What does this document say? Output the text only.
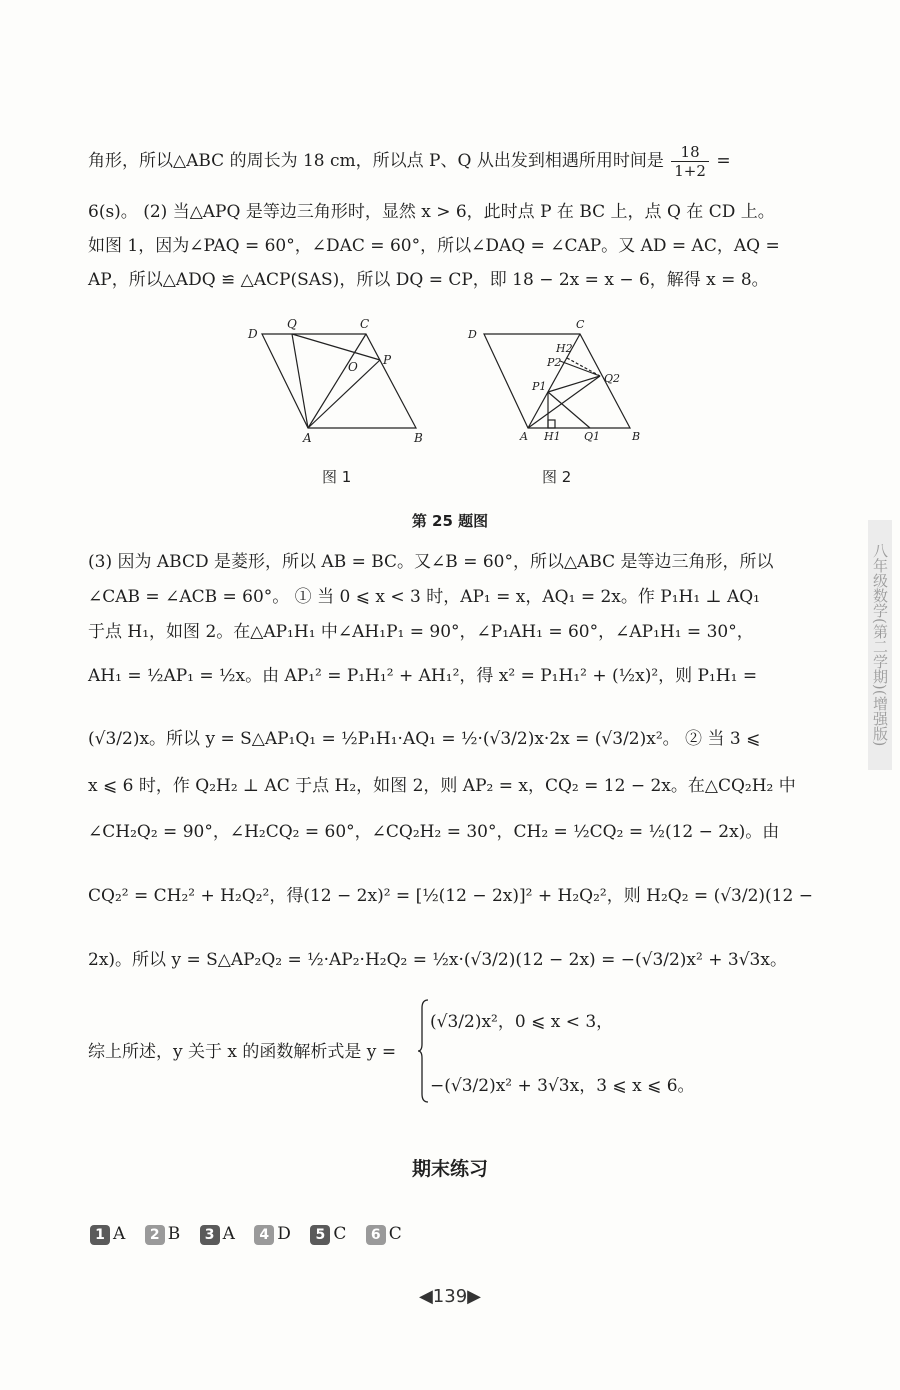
角形，所以△ABC 的周长为 18 cm，所以点 P、Q 从出发到相遇所用时间是 $\frac{18}{1+2}$ =
6(s)。 (2) 当△APQ 是等边三角形时，显然 x > 6，此时点 P 在 BC 上，点 Q 在 CD 上。
如图 1，因为∠PAQ = 60°，∠DAC = 60°，所以∠DAQ = ∠CAP。又 AD = AC，AQ =
AP，所以△ADQ ≌ △ACP(SAS)，所以 DQ = CP，即 18 − 2x = x − 6，解得 x = 8。
D
Q	C
P
O
A	B
图 1
D
C
H2
P2
Q2
P1
A H1 Q1	B
图 2
第 25 题图
(3) 因为 ABCD 是菱形，所以 AB = BC。又∠B = 60°，所以△ABC 是等边三角形，所以
∠CAB = ∠ACB = 60°。 ① 当 0 ⩽ x < 3 时，AP₁ = x，AQ₁ = 2x。作 P₁H₁ ⊥ AQ₁
于点 H₁，如图 2。在△AP₁H₁ 中∠AH₁P₁ = 90°，∠P₁AH₁ = 60°，∠AP₁H₁ = 30°，
AH₁ = ½AP₁ = ½x。由 AP₁² = P₁H₁² + AH₁²，得 x² = P₁H₁² + (½x)²，则 P₁H₁ =
(√3/2)x。所以 y = S△AP₁Q₁ = ½P₁H₁·AQ₁ = ½·(√3/2)x·2x = (√3/2)x²。 ② 当 3 ⩽
x ⩽ 6 时，作 Q₂H₂ ⊥ AC 于点 H₂，如图 2，则 AP₂ = x，CQ₂ = 12 − 2x。在△CQ₂H₂ 中
∠CH₂Q₂ = 90°，∠H₂CQ₂ = 60°，∠CQ₂H₂ = 30°，CH₂ = ½CQ₂ = ½(12 − 2x)。由
CQ₂² = CH₂² + H₂Q₂²，得(12 − 2x)² = [½(12 − 2x)]² + H₂Q₂²，则 H₂Q₂ = (√3/2)(12 −
2x)。所以 y = S△AP₂Q₂ = ½·AP₂·H₂Q₂ = ½x·(√3/2)(12 − 2x) = −(√3/2)x² + 3√3x。
综上所述，y 关于 x 的函数解析式是 y =
(√3/2)x²，0 ⩽ x < 3，
−(√3/2)x² + 3√3x，3 ⩽ x ⩽ 6。
期末练习
1 A 2 B 3 A 4 D 5 C 6 C
◀139▶
八年级数学(第二学期)(增强版)
